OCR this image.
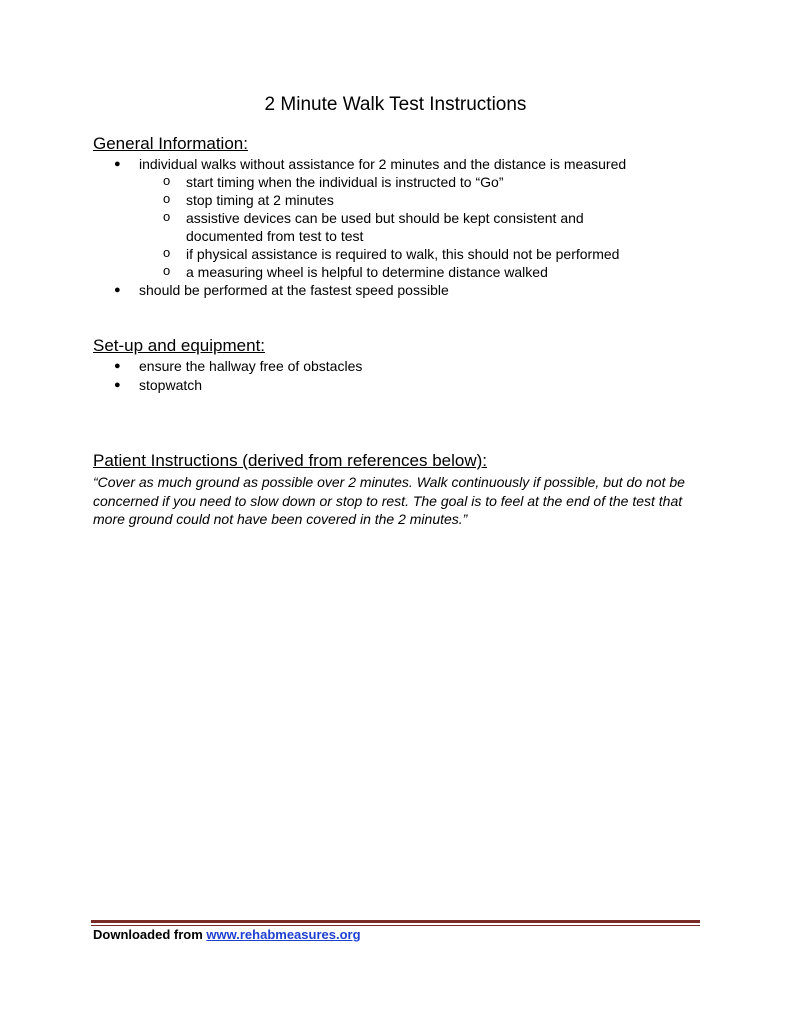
2 Minute Walk Test Instructions
General Information:
● individual walks without assistance for 2 minutes and the distance is measured
o start timing when the individual is instructed to “Go”
o stop timing at 2 minutes
o assistive devices can be used but should be kept consistent and documented from test to test
o if physical assistance is required to walk, this should not be performed
o a measuring wheel is helpful to determine distance walked
● should be performed at the fastest speed possible
Set-up and equipment:
● ensure the hallway free of obstacles
● stopwatch
Patient Instructions (derived from references below):
“Cover as much ground as possible over 2 minutes. Walk continuously if possible, but do not be concerned if you need to slow down or stop to rest. The goal is to feel at the end of the test that more ground could not have been covered in the 2 minutes.”
Downloaded from www.rehabmeasures.org
